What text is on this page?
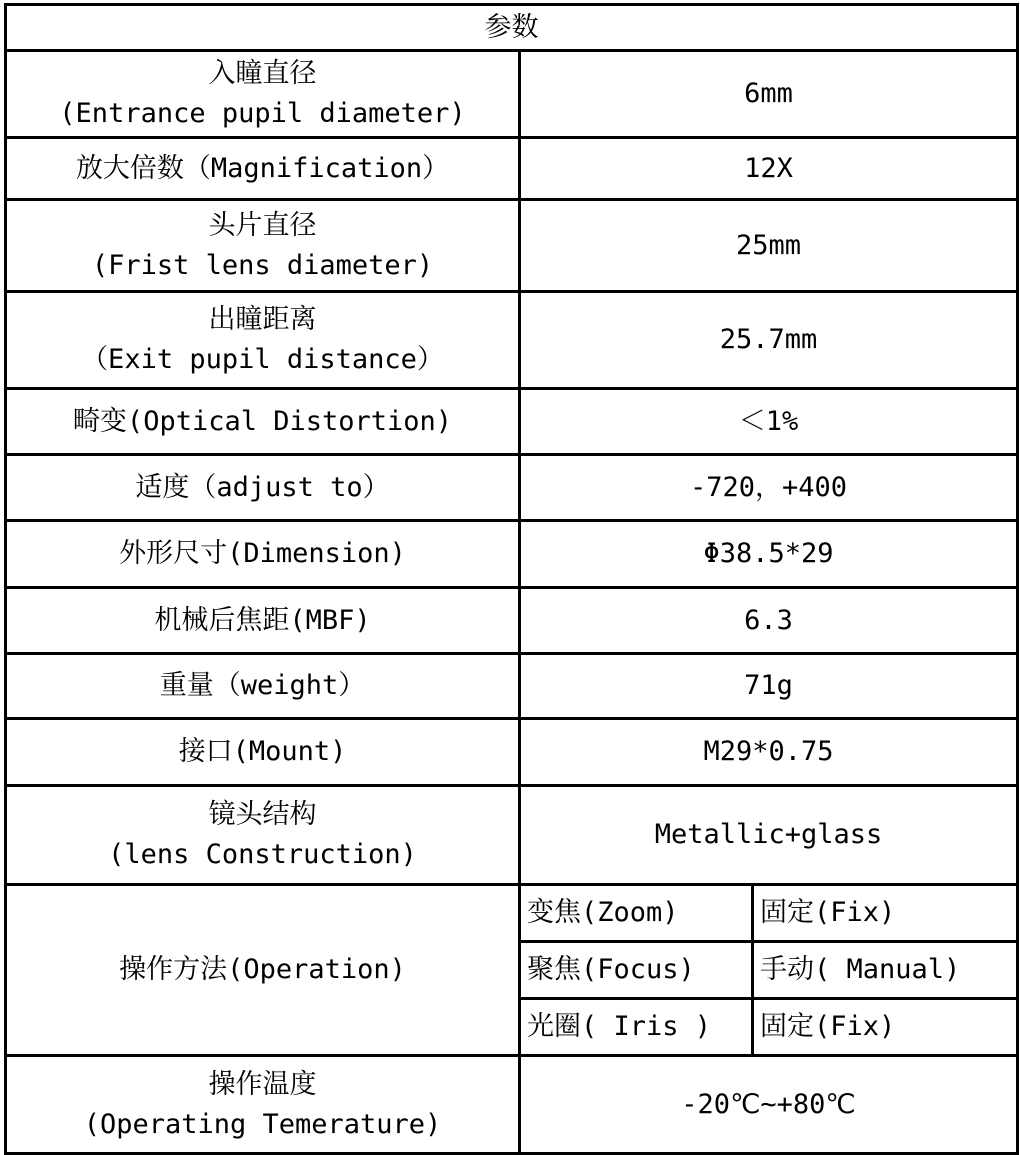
参数		

入瞳直径
(Entrance pupil diameter)	6mm	
放大倍数（Magnification）	12X	

头片直径
(Frist lens diameter)	25mm	

出瞳距离
（Exit pupil distance）	25.7mm	
畸变(Optical Distortion)	＜1%	
适度（adjust to）	-720，+400	
外形尺寸(Dimension)	Φ38.5*29	
机械后焦距(MBF)	6.3	
重量（weight）	71g	
接口(Mount)	M29*0.75	

镜头结构
(lens Construction)	Metallic+glass	
操作方法(Operation)	变焦(Zoom)	固定(Fix)
	聚焦(Focus)	手动( Manual)
	光圈( Iris )	固定(Fix)

操作温度
(Operating Temerature)	-20℃~+80℃	
